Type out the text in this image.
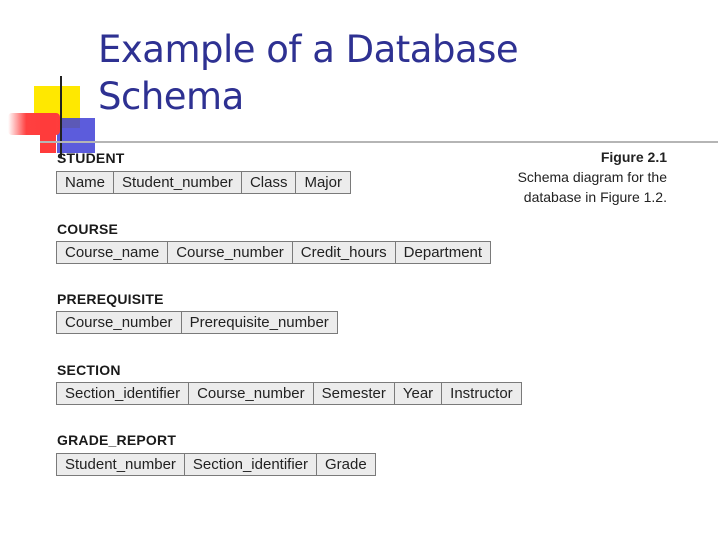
Example of a Database
Schema
Figure 2.1
Schema diagram for the
database in Figure 1.2.
STUDENT
Name	Student_number	Class	Major
COURSE
Course_name	Course_number	Credit_hours	Department
PREREQUISITE
Course_number	Prerequisite_number
SECTION
Section_identifier	Course_number	Semester	Year	Instructor
GRADE_REPORT
Student_number	Section_identifier	Grade
